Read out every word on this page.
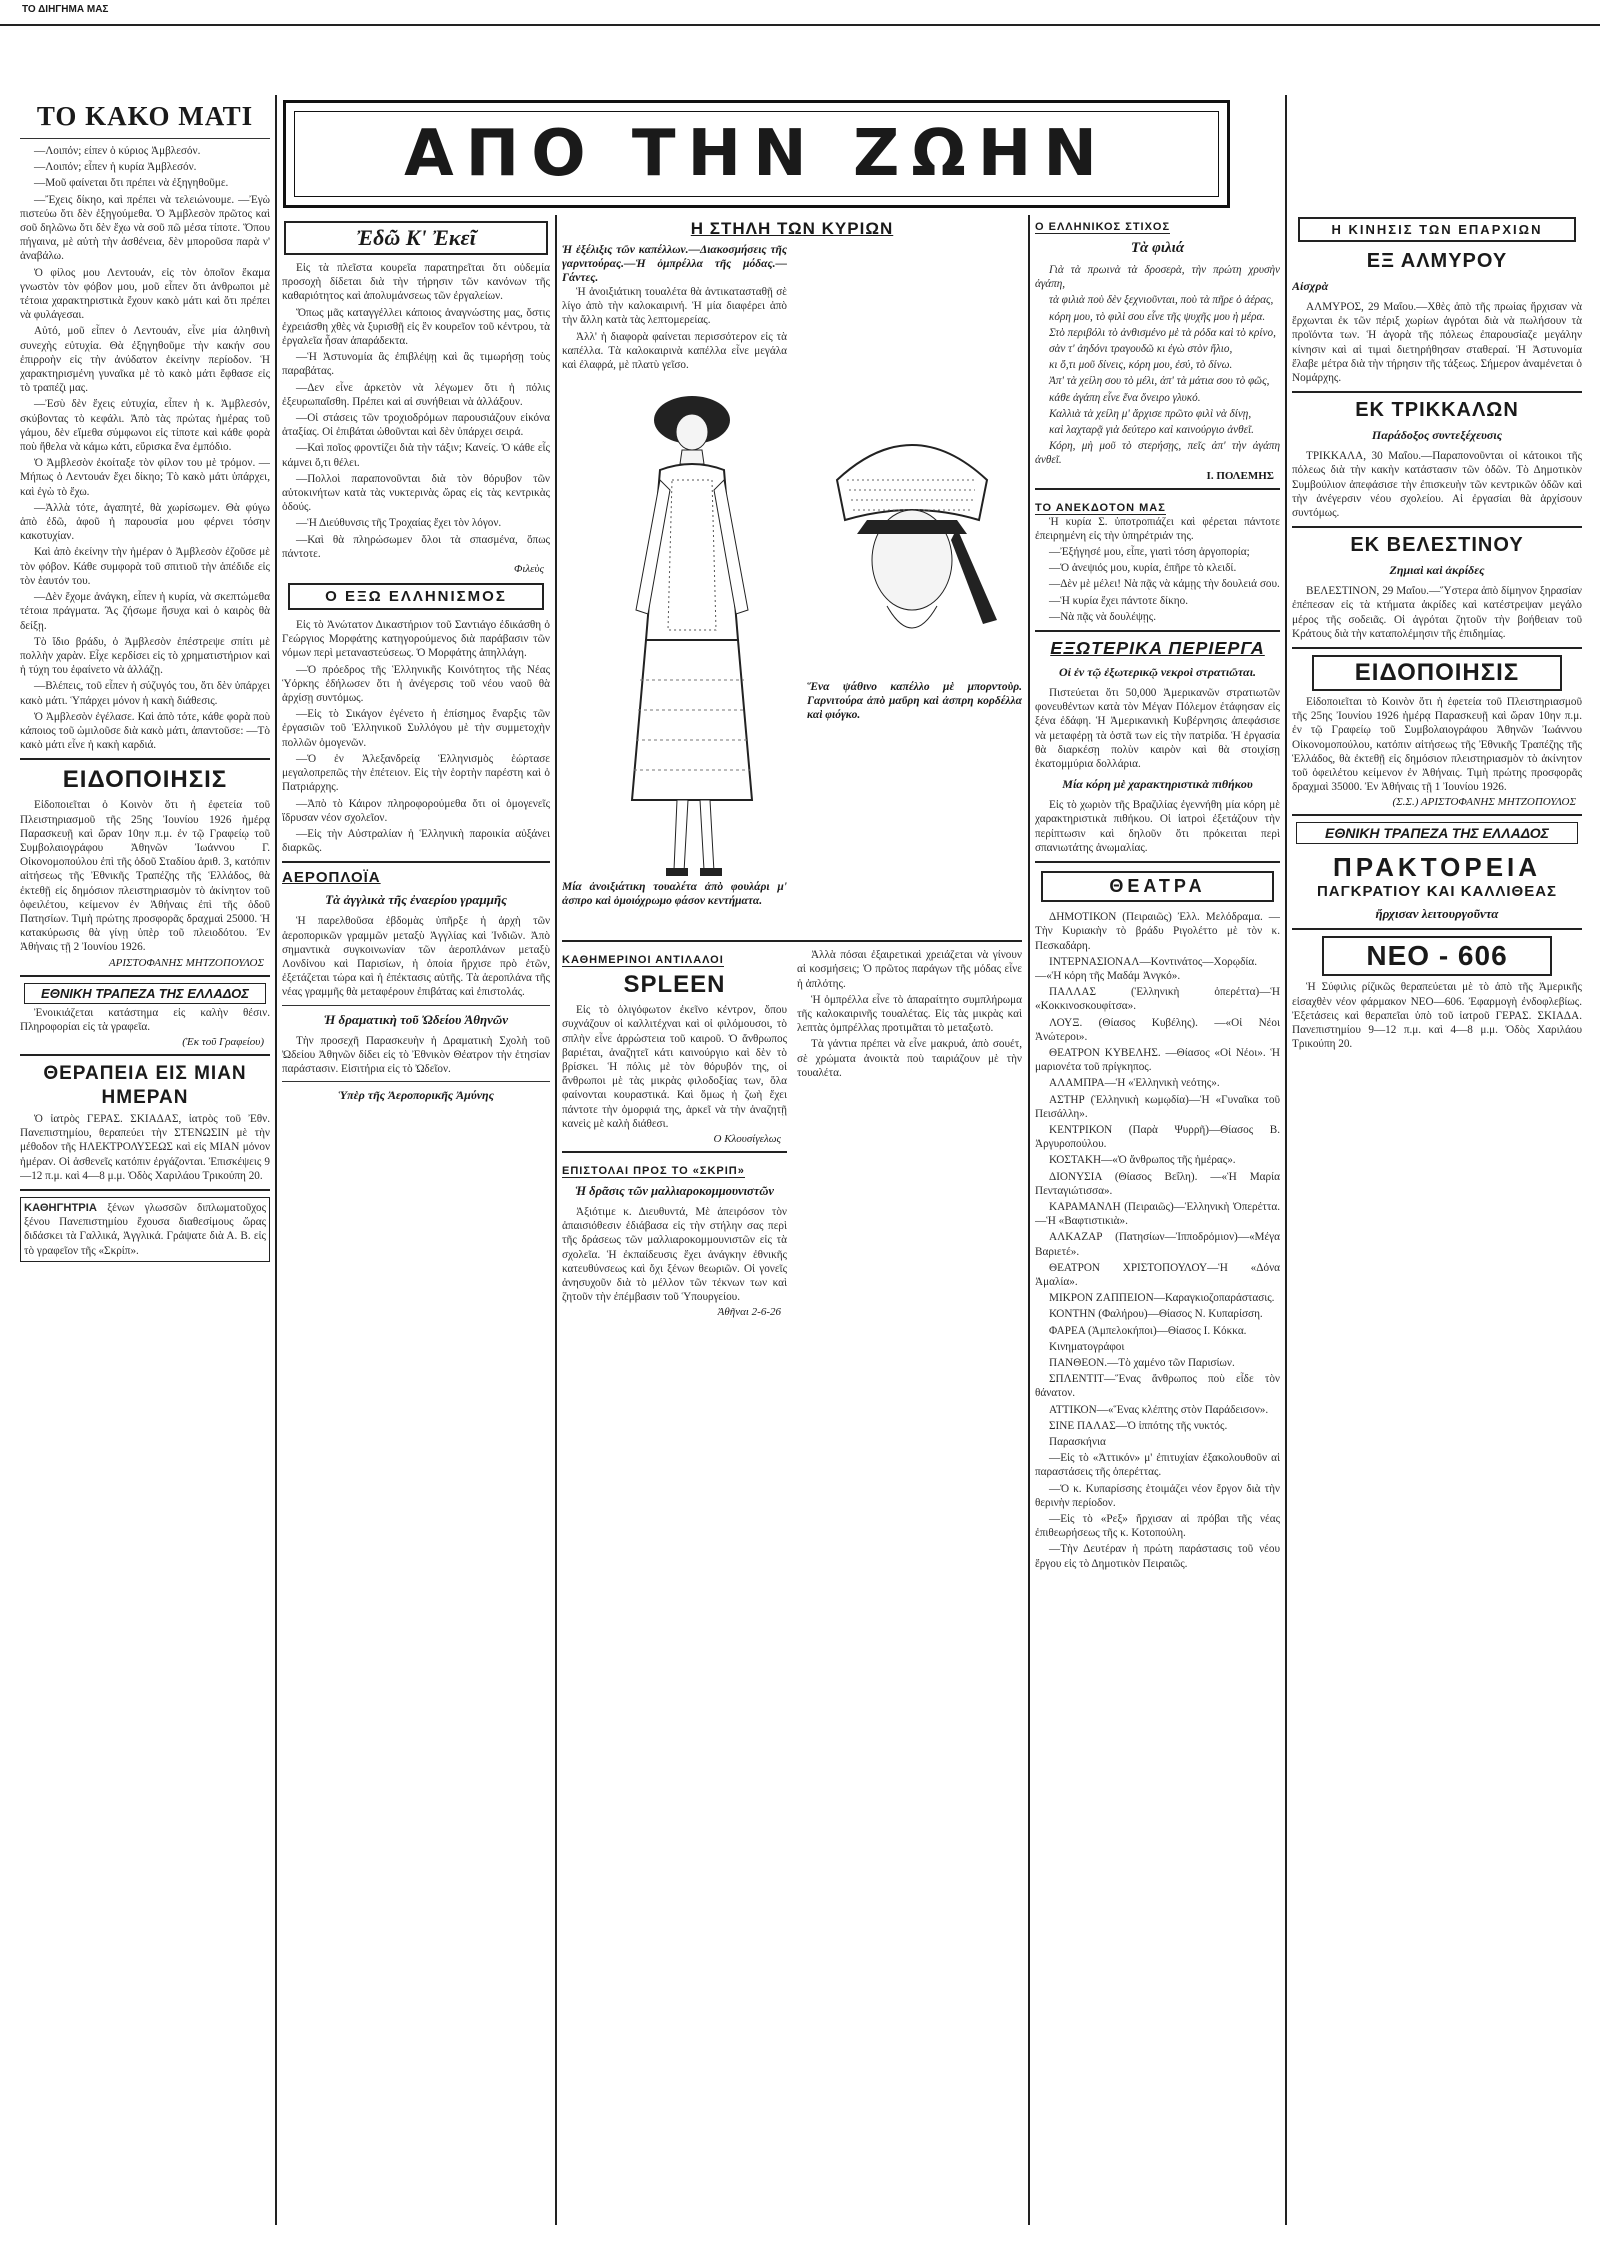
ΤΟ ΔΙΗΓΗΜΑ ΜΑΣ
ΑΠΟ ΤΗΝ ΖΩΗΝ
ΤΟ ΚΑΚΟ ΜΑΤΙ

—Λοιπόν; είπεν ὁ κύριος Ἀμβλεσόν.

—Λοιπόν; εἶπεν ἡ κυρία Ἀμβλεσόν.

—Μοῦ φαίνεται ὅτι πρέπει νὰ ἐξηγηθοῦμε.

—Ἔχεις δίκηο, καὶ πρέπει νὰ τελειώνουμε. —Ἐγὼ πιστεύω ὅτι δὲν ἐξηγούμεθα. Ὁ Ἀμβλεσὸν πρῶτος καὶ σοῦ δηλῶνω ὅτι δὲν ἔχω νὰ σοῦ πῶ μέσα τίποτε. Ὅπου πήγαινα, μὲ αὐτὴ τὴν ἀσθένεια, δὲν μποροῦσα παρὰ ν' ἀναβάλω.

Ὁ φίλος μου Λεντουάν, εἰς τὸν ὁποῖον ἔκαμα γνωστὸν τὸν φόβον μου, μοῦ εἶπεν ὅτι ἀνθρωποι μὲ τέτοια χαρακτηριστικὰ ἔχουν κακὸ μάτι καὶ ὅτι πρέπει νὰ φυλάγεσαι.

Αὐτό, μοῦ εἶπεν ὁ Λεντουάν, εἶνε μία ἀληθινὴ συνεχὴς εὐτυχία. Θὰ ἐξηγηθοῦμε τὴν κακήν σου ἐπιρροὴν εἰς τὴν ἀνύδατον ἐκείνην περίοδον. Ἡ χαρακτηρισμένη γυναῖκα μὲ τὸ κακὸ μάτι ἔφθασε εἰς τὸ τραπέζι μας.

—Ἐσὺ δὲν ἔχεις εὐτυχία, εἶπεν ἡ κ. Ἀμβλεσόν, σκύβοντας τὸ κεφάλι. Ἀπὸ τὰς πρώτας ἡμέρας τοῦ γάμου, δὲν εἴμεθα σύμφωνοι εἰς τίποτε καὶ κάθε φορὰ ποὺ ἤθελα νὰ κάμω κάτι, εὕρισκα ἕνα ἐμπόδιο.

Ὁ Ἀμβλεσὸν ἐκοίταξε τὸν φίλον του μὲ τρόμον. —Μήπως ὁ Λεντουάν ἔχει δίκηο; Τὸ κακὸ μάτι ὑπάρχει, καὶ ἐγὼ τὸ ἔχω.

—Ἀλλὰ τότε, ἀγαπητέ, θὰ χωρίσωμεν. Θὰ φύγω ἀπὸ ἐδῶ, ἀφοῦ ἡ παρουσία μου φέρνει τόσην κακοτυχίαν.

Καὶ ἀπὸ ἐκείνην τὴν ἡμέραν ὁ Ἀμβλεσὸν ἐζοῦσε μὲ τὸν φόβον. Κάθε συμφορὰ τοῦ σπιτιοῦ τὴν ἀπέδιδε εἰς τὸν ἑαυτόν του.

—Δὲν ἔχομε ἀνάγκη, εἶπεν ἡ κυρία, νὰ σκεπτώμεθα τέτοια πράγματα. Ἂς ζήσωμε ἥσυχα καὶ ὁ καιρὸς θὰ δείξῃ.

Τὸ ἴδιο βράδυ, ὁ Ἀμβλεσὸν ἐπέστρεψε σπίτι μὲ πολλὴν χαρὰν. Εἶχε κερδίσει εἰς τὸ χρηματιστήριον καὶ ἡ τύχη του ἐφαίνετο νὰ ἀλλάζῃ.

—Βλέπεις, τοῦ εἶπεν ἡ σύζυγός του, ὅτι δὲν ὑπάρχει κακὸ μάτι. Ὑπάρχει μόνον ἡ κακὴ διάθεσις.

Ὁ Ἀμβλεσὸν ἐγέλασε. Καὶ ἀπὸ τότε, κάθε φορὰ ποὺ κάποιος τοῦ ὡμιλοῦσε διὰ κακὸ μάτι, ἀπαντοῦσε: —Τὸ κακὸ μάτι εἶνε ἡ κακὴ καρδιά.

ΕΙΔΟΠΟΙΗΣΙΣ

Εἰδοποιεῖται ὁ Κοινὸν ὅτι ἡ ἐφετεία τοῦ Πλειστηριασμοῦ τῆς 25ης Ἰουνίου 1926 ἡμέρᾳ Παρασκευῇ καὶ ὥραν 10ην π.μ. ἐν τῷ Γραφείῳ τοῦ Συμβολαιογράφου Ἀθηνῶν Ἰωάννου Γ. Οἰκονομοπούλου ἐπὶ τῆς ὁδοῦ Σταδίου ἀριθ. 3, κατόπιν αἰτήσεως τῆς Ἐθνικῆς Τραπέζης τῆς Ἑλλάδος, θὰ ἐκτεθῇ εἰς δημόσιον πλειστηριασμὸν τὸ ἀκίνητον τοῦ ὀφειλέτου, κείμενον ἐν Ἀθήναις ἐπὶ τῆς ὁδοῦ Πατησίων. Τιμὴ πρώτης προσφορᾶς δραχμαὶ 25000. Ἡ κατακύρωσις θὰ γίνῃ ὑπὲρ τοῦ πλειοδότου. Ἐν Ἀθήναις τῇ 2 Ἰουνίου 1926.

ΑΡΙΣΤΟΦΑΝΗΣ ΜΗΤΖΟΠΟΥΛΟΣ
ΕΘΝΙΚΗ ΤΡΑΠΕΖΑ ΤΗΣ ΕΛΛΑΔΟΣ

Ἐνοικιάζεται κατάστημα εἰς καλὴν θέσιν. Πληροφορίαι εἰς τὰ γραφεῖα.

(Ἐκ τοῦ Γραφείου)
ΘΕΡΑΠΕΙΑ ΕΙΣ ΜΙΑΝ ΗΜΕΡΑΝ

Ὁ ἰατρὸς ΓΕΡΑΣ. ΣΚΙΑΔΑΣ, ἰατρὸς τοῦ Ἐθν. Πανεπιστημίου, θεραπεύει τὴν ΣΤΕΝΩΣΙΝ μὲ τὴν μέθοδον τῆς ΗΛΕΚΤΡΟΛΥΣΕΩΣ καὶ εἰς ΜΙΑΝ μόνον ἡμέραν. Οἱ ἀσθενεῖς κατόπιν ἐργάζονται. Ἐπισκέψεις 9—12 π.μ. καὶ 4—8 μ.μ. Ὁδὸς Χαριλάου Τρικούπη 20.

ΚΑΘΗΓΗΤΡΙΑ ξένων γλωσσῶν διπλωματοῦχος ξένου Πανεπιστημίου ἔχουσα διαθεσίμους ὥρας διδάσκει τὰ Γαλλικά, Ἀγγλικά. Γράψατε διὰ Α. Β. εἰς τὸ γραφεῖον τῆς «Σκρίπ».
Ἐδῶ Κ' Ἐκεῖ

Εἰς τὰ πλεῖστα κουρεῖα παρατηρεῖται ὅτι οὐδεμία προσοχὴ δίδεται διὰ τὴν τήρησιν τῶν κανόνων τῆς καθαριότητος καὶ ἀπολυμάνσεως τῶν ἐργαλείων.

Ὅπως μᾶς καταγγέλλει κάποιος ἀναγνώστης μας, ὅστις ἐχρειάσθη χθὲς νὰ ξυρισθῇ εἰς ἓν κουρεῖον τοῦ κέντρου, τὰ ἐργαλεῖα ἦσαν ἀπαράδεκτα.

—Ἡ Ἀστυνομία ἂς ἐπιβλέψῃ καὶ ἂς τιμωρήσῃ τοὺς παραβάτας.

—Δεν εἶνε ἀρκετὸν νὰ λέγωμεν ὅτι ἡ πόλις ἐξευρωπαΐσθη. Πρέπει καὶ αἱ συνήθειαι νὰ ἀλλάξουν.

—Οἱ στάσεις τῶν τροχιοδρόμων παρουσιάζουν εἰκόνα ἀταξίας. Οἱ ἐπιβάται ὠθοῦνται καὶ δὲν ὑπάρχει σειρά.

—Καὶ ποῖος φροντίζει διὰ τὴν τάξιν; Κανείς. Ὁ κάθε εἷς κάμνει ὅ,τι θέλει.

—Πολλοὶ παραπονοῦνται διὰ τὸν θόρυβον τῶν αὐτοκινήτων κατὰ τὰς νυκτερινὰς ὥρας εἰς τὰς κεντρικὰς ὁδούς.

—Ἡ Διεύθυνσις τῆς Τροχαίας ἔχει τὸν λόγον.

—Καὶ θὰ πληρώσωμεν ὅλοι τὰ σπασμένα, ὅπως πάντοτε.

Φιλεὺς
Ο ΕΞΩ ΕΛΛΗΝΙΣΜΟΣ

Εἰς τὸ Ἀνώτατον Δικαστήριον τοῦ Σαντιάγο ἐδικάσθη ὁ Γεώργιος Μορφάτης κατηγορούμενος διὰ παράβασιν τῶν νόμων περὶ μεταναστεύσεως. Ὁ Μορφάτης ἀπηλλάγη.

—Ὁ πρόεδρος τῆς Ἑλληνικῆς Κοινότητος τῆς Νέας Ὑόρκης ἐδήλωσεν ὅτι ἡ ἀνέγερσις τοῦ νέου ναοῦ θὰ ἀρχίσῃ συντόμως.

—Εἰς τὸ Σικάγον ἐγένετο ἡ ἐπίσημος ἔναρξις τῶν ἐργασιῶν τοῦ Ἑλληνικοῦ Συλλόγου μὲ τὴν συμμετοχὴν πολλῶν ὁμογενῶν.

—Ὁ ἐν Ἀλεξανδρείᾳ Ἑλληνισμὸς ἑώρτασε μεγαλοπρεπῶς τὴν ἐπέτειον. Εἰς τὴν ἑορτὴν παρέστη καὶ ὁ Πατριάρχης.

—Ἀπὸ τὸ Κάιρον πληροφορούμεθα ὅτι οἱ ὁμογενεῖς ἵδρυσαν νέον σχολεῖον.

—Εἰς τὴν Αὐστραλίαν ἡ Ἑλληνικὴ παροικία αὐξάνει διαρκῶς.

ΑΕΡΟΠΛΟΪΑ
Τὰ ἀγγλικὰ τῆς ἐναερίου γραμμῆς

Ἡ παρελθοῦσα ἑβδομὰς ὑπῆρξε ἡ ἀρχὴ τῶν ἀεροπορικῶν γραμμῶν μεταξὺ Ἀγγλίας καὶ Ἰνδιῶν. Ἀπὸ σημαντικὰ συγκοινωνίαν τῶν ἀεροπλάνων μεταξὺ Λονδίνου καὶ Παρισίων, ἡ ὁποία ἤρχισε πρὸ ἐτῶν, ἐξετάζεται τώρα καὶ ἡ ἐπέκτασις αὐτῆς. Τὰ ἀεροπλάνα τῆς νέας γραμμῆς θὰ μεταφέρουν ἐπιβάτας καὶ ἐπιστολάς.

Ἡ δραματικὴ τοῦ Ὠδείου Ἀθηνῶν

Τὴν προσεχῆ Παρασκευὴν ἡ Δραματικὴ Σχολὴ τοῦ Ὠδείου Ἀθηνῶν δίδει εἰς τὸ Ἐθνικὸν Θέατρον τὴν ἐτησίαν παράστασιν. Εἰσιτήρια εἰς τὸ Ὠδεῖον.

Ὑπὲρ τῆς Ἀεροπορικῆς Ἀμύνης
Η ΣΤΗΛΗ ΤΩΝ ΚΥΡΙΩΝ
Ἡ ἐξέλιξις τῶν καπέλλων.—Διακοσμήσεις τῆς γαρνιτούρας.—Ἡ ὀμπρέλλα τῆς μόδας.—Γάντες.

Ἡ ἀνοιξιάτικη τουαλέτα θὰ ἀντικατασταθῇ σὲ λίγο ἀπὸ τὴν καλοκαιρινή. Ἡ μία διαφέρει ἀπὸ τὴν ἄλλη κατὰ τὰς λεπτομερείας.

Ἀλλ' ἡ διαφορὰ φαίνεται περισσότερον εἰς τὰ καπέλλα. Τὰ καλοκαιρινὰ καπέλλα εἶνε μεγάλα καὶ ἐλαφρά, μὲ πλατὺ γεῖσο.

Ἕνα ψάθινο καπέλλο μὲ μπορντοὺρ. Γαρνιτούρα ἀπὸ μαῦρη καὶ ἀσπρη κορδέλλα καὶ φιόγκο.
Μία ἀνοιξιάτικη τουαλέτα ἀπὸ φουλάρι μ' ἀσπρο καὶ ὁμοιόχρωμο φάσον κεντήματα.
ΚΑΘΗΜΕΡΙΝΟΙ ΑΝΤΙΛΑΛΟΙ
SPLEEN

Εἰς τὸ ὀλιγόφωτον ἐκεῖνο κέντρον, ὅπου συχνάζουν οἱ καλλιτέχναι καὶ οἱ φιλόμουσοι, τὸ σπλὴν εἶνε ἀρρώστεια τοῦ καιροῦ. Ὁ ἄνθρωπος βαριέται, ἀναζητεῖ κάτι καινούργιο καὶ δὲν τὸ βρίσκει. Ἡ πόλις μὲ τὸν θόρυβόν της, οἱ ἄνθρωποι μὲ τὰς μικρὰς φιλοδοξίας των, ὅλα φαίνονται κουραστικά. Καὶ ὅμως ἡ ζωὴ ἔχει πάντοτε τὴν ὀμορφιά της, ἀρκεῖ νὰ τὴν ἀναζητῇ κανεὶς μὲ καλὴ διάθεσι.

Ο Κλουσίγελως
ΕΠΙΣΤΟΛΑΙ ΠΡΟΣ ΤΟ «ΣΚΡΙΠ»
Ἡ δρᾶσις τῶν μαλλιαροκομμουνιστῶν

Ἀξιότιμε κ. Διευθυντά, Μὲ ἀπειρόσον τὸν ἀπαισιόθεσιν ἐδιάβασα εἰς τὴν στήλην σας περὶ τῆς δράσεως τῶν μαλλιαροκομμουνιστῶν εἰς τὰ σχολεῖα. Ἡ ἐκπαίδευσις ἔχει ἀνάγκην ἐθνικῆς κατευθύνσεως καὶ ὄχι ξένων θεωριῶν. Οἱ γονεῖς ἀνησυχοῦν διὰ τὸ μέλλον τῶν τέκνων των καὶ ζητοῦν τὴν ἐπέμβασιν τοῦ Ὑπουργείου.

Ἀθῆναι 2-6-26

Ἀλλὰ πόσαι ἐξαιρετικαὶ χρειάζεται νὰ γίνουν αἱ κοσμήσεις; Ὁ πρῶτος παράγων τῆς μόδας εἶνε ἡ ἁπλότης.

Ἡ ὀμπρέλλα εἶνε τὸ ἀπαραίτητο συμπλήρωμα τῆς καλοκαιρινῆς τουαλέτας. Εἰς τὰς μικρὰς καὶ λεπτὰς ὀμπρέλλας προτιμᾶται τὸ μεταξωτὸ.

Τὰ γάντια πρέπει νὰ εἶνε μακρυά, ἀπὸ σουέτ, σὲ χρώματα ἀνοικτὰ ποὺ ταιριάζουν μὲ τὴν τουαλέτα.

Ο ΕΛΛΗΝΙΚΟΣ ΣΤΙΧΟΣ
Τὰ φιλιά

Γιὰ τὰ πρωινὰ τὰ δροσερὰ, τὴν πρώτη χρυσὴν ἀγάπη,

τὰ φιλιὰ ποὺ δὲν ξεχνιοῦνται, ποὺ τὰ πῆρε ὁ ἀέρας,

κόρη μου, τὸ φιλὶ σου εἶνε τῆς ψυχῆς μου ἡ μέρα.

Στὸ περιβόλι τὸ ἀνθισμένο μὲ τὰ ρόδα καὶ τὸ κρίνο,

σὰν τ' ἀηδόνι τραγουδῶ κι ἐγὼ στὸν ἥλιο,

κι ὅ,τι μοῦ δίνεις, κόρη μου, ἐσύ, τὸ δίνω.

Ἀπ' τὰ χείλη σου τὸ μέλι, ἀπ' τὰ μάτια σου τὸ φῶς,

κάθε ἀγάπη εἶνε ἕνα ὄνειρο γλυκό.

Καλλιὰ τὰ χείλη μ' ἄρχισε πρῶτο φιλὶ νὰ δίνῃ,

καὶ λαχταρᾷ γιὰ δεύτερο καὶ καινούργιο ἀνθεῖ.

Κόρη, μὴ μοῦ τὸ στερήσῃς, πεῖς ἀπ' τὴν ἀγάπη ἀνθεῖ.

Ι. ΠΟΛΕΜΗΣ
ΤΟ ΑΝΕΚΔΟΤΟΝ ΜΑΣ

Ἡ κυρία Σ. ὑποτροπιάζει καὶ φέρεται πάντοτε ἐπειρημένη εἰς τὴν ὑπηρέτριάν της.

—Ἐξήγησέ μου, εἶπε, γιατὶ τόση ἀργοπορία;

—Ὁ ἀνεψιός μου, κυρία, ἐπῆρε τὸ κλειδί.

—Δὲν μὲ μέλει! Νὰ πᾷς νὰ κάμῃς τὴν δουλειά σου.

—Ἡ κυρία ἔχει πάντοτε δίκηο.

—Νὰ πᾷς νὰ δουλέψῃς.

ΕΞΩΤΕΡΙΚΑ ΠΕΡΙΕΡΓΑ
Οἱ ἐν τῷ ἐξωτερικῷ νεκροὶ στρατιῶται.

Πιστεύεται ὅτι 50,000 Ἀμερικανῶν στρατιωτῶν φονευθέντων κατὰ τὸν Μέγαν Πόλεμον ἐτάφησαν εἰς ξένα ἐδάφη. Ἡ Ἀμερικανικὴ Κυβέρνησις ἀπεφάσισε νὰ μεταφέρῃ τὰ ὀστᾶ των εἰς τὴν πατρίδα. Ἡ ἐργασία θὰ διαρκέσῃ πολὺν καιρὸν καὶ θὰ στοιχίσῃ ἑκατομμύρια δολλάρια.

Μία κόρη μὲ χαρακτηριστικὰ πιθήκου

Εἰς τὸ χωριὸν τῆς Βραζιλίας ἐγεννήθη μία κόρη μὲ χαρακτηριστικὰ πιθήκου. Οἱ ἰατροὶ ἐξετάζουν τὴν περίπτωσιν καὶ δηλοῦν ὅτι πρόκειται περὶ σπανιωτάτης ἀνωμαλίας.

ΘΕΑΤΡΑ

ΔΗΜΟΤΙΚΟΝ (Πειραιῶς) Ἐλλ. Μελόδραμα. —Τὴν Κυριακὴν τὸ βράδυ Ριγολέττο μὲ τὸν κ. Πεσκαδάρη.

ΙΝΤΕΡΝΑΣΙΟΝΑΛ—Κοντινάτος—Χορῳδία. —«Ἡ κόρη τῆς Μαδάμ Ἀνγκό».

ΠΑΛΛΑΣ (Ἑλληνικὴ ὀπερέττα)—Ἡ «Κοκκινοσκουφίτσα».

ΛΟΥΞ. (Θίασος Κυβέλης). —«Οἱ Νέοι Ἀνώτεροι».

ΘΕΑΤΡΟΝ ΚΥΒΕΛΗΣ. —Θίασος «Οἱ Νέοι». Ἡ μαριονέτα τοῦ πρίγκηπος.

ΑΛΑΜΠΡΑ—Ἡ «Ἑλληνικὴ νεότης».

ΑΣΤΗΡ (Ἑλληνικὴ κωμῳδία)—Ἡ «Γυναῖκα τοῦ Πεισάλλη».

ΚΕΝΤΡΙΚΟΝ (Παρὰ Ψυρρῆ)—Θίασος Β. Ἀργυροπούλου.

ΚΟΣΤΑΚΗ—«Ὁ ἄνθρωπος τῆς ἡμέρας».

ΔΙΟΝΥΣΙΑ (Θίασος Βεΐλη). —«Ἡ Μαρία Πενταγιώτισσα».

ΚΑΡΑΜΑΝΛΗ (Πειραιῶς)—Ἑλληνικὴ Ὀπερέττα. —Ἡ «Βαφτιστικιὰ».

ΑΛΚΑΖΑΡ (Πατησίων—Ἰπποδρόμιον)—«Μέγα Βαριετέ».

ΘΕΑΤΡΟΝ ΧΡΙΣΤΟΠΟΥΛΟΥ—Ἡ «Δόνα Ἀμαλία».

ΜΙΚΡΟΝ ΖΑΠΠΕΙΟΝ—Καραγκιοζοπαράστασις.

ΚΟΝΤΗΝ (Φαλήρου)—Θίασος Ν. Κυπαρίσση.

ΦΑΡΕΑ (Ἀμπελοκήποι)—Θίασος Ι. Κόκκα.

Κινηματογράφοι

ΠΑΝΘΕΟΝ.—Τὸ χαμένο τῶν Παρισίων.

ΣΠΛΕΝΤΙΤ—Ἕνας ἄνθρωπος ποὺ εἶδε τὸν θάνατον.

ΑΤΤΙΚΟΝ—«Ἕνας κλέπτης στὸν Παράδεισον».

ΣΙΝΕ ΠΑΛΑΣ—Ὁ ἱππότης τῆς νυκτός.

Παρασκήνια

—Εἰς τὸ «Ἀττικόν» μ' ἐπιτυχίαν ἐξακολουθοῦν αἱ παραστάσεις τῆς ὀπερέττας.

—Ὁ κ. Κυπαρίσσης ἑτοιμάζει νέον ἔργον διὰ τὴν θερινὴν περίοδον.

—Εἰς τὸ «Ρεξ» ἤρχισαν αἱ πρόβαι τῆς νέας ἐπιθεωρήσεως τῆς κ. Κοτοπούλη.

—Τὴν Δευτέραν ἡ πρώτη παράστασις τοῦ νέου ἔργου εἰς τὸ Δημοτικὸν Πειραιῶς.

Η ΚΙΝΗΣΙΣ ΤΩΝ ΕΠΑΡΧΙΩΝ
ΕΞ ΑΛΜΥΡΟΥ
Αἰσχρὰ

ΑΛΜΥΡΟΣ, 29 Μαΐου.—Χθὲς ἀπὸ τῆς πρωίας ἤρχισαν νὰ ἔρχωνται ἐκ τῶν πέριξ χωρίων ἀγρόται διὰ νὰ πωλήσουν τὰ προϊόντα των. Ἡ ἀγορὰ τῆς πόλεως ἐπαρουσίαζε μεγάλην κίνησιν καὶ αἱ τιμαὶ διετηρήθησαν σταθεραί. Ἡ Ἀστυνομία ἔλαβε μέτρα διὰ τὴν τήρησιν τῆς τάξεως. Σήμερον ἀναμένεται ὁ Νομάρχης.

ΕΚ ΤΡΙΚΚΑΛΩΝ
Παράδοξος συντεξέχευσις

ΤΡΙΚΚΑΛΑ, 30 Μαΐου.—Παραπονοῦνται οἱ κάτοικοι τῆς πόλεως διὰ τὴν κακὴν κατάστασιν τῶν ὁδῶν. Τὸ Δημοτικὸν Συμβούλιον ἀπεφάσισε τὴν ἐπισκευὴν τῶν κεντρικῶν ὁδῶν καὶ τὴν ἀνέγερσιν νέου σχολείου. Αἱ ἐργασίαι θὰ ἀρχίσουν συντόμως.

ΕΚ ΒΕΛΕΣΤΙΝΟΥ
Ζημιαὶ καὶ ἀκρίδες

ΒΕΛΕΣΤΙΝΟΝ, 29 Μαΐου.—Ὕστερα ἀπὸ δίμηνον ξηρασίαν ἐπέπεσαν εἰς τὰ κτήματα ἀκρίδες καὶ κατέστρεψαν μεγάλο μέρος τῆς σοδειᾶς. Οἱ ἀγρόται ζητοῦν τὴν βοήθειαν τοῦ Κράτους διὰ τὴν καταπολέμησιν τῆς ἐπιδημίας.

ΕΙΔΟΠΟΙΗΣΙΣ

Εἰδοποιεῖται τὸ Κοινὸν ὅτι ἡ ἐφετεία τοῦ Πλειστηριασμοῦ τῆς 25ης Ἰουνίου 1926 ἡμέρᾳ Παρασκευῇ καὶ ὥραν 10ην π.μ. ἐν τῷ Γραφείῳ τοῦ Συμβολαιογράφου Ἀθηνῶν Ἰωάννου Οἰκονομοπούλου, κατόπιν αἰτήσεως τῆς Ἐθνικῆς Τραπέζης τῆς Ἑλλάδος, θὰ ἐκτεθῇ εἰς δημόσιον πλειστηριασμὸν τὸ ἀκίνητον τοῦ ὀφειλέτου κείμενον ἐν Ἀθήναις. Τιμὴ πρώτης προσφορᾶς δραχμαὶ 35000. Ἐν Ἀθήναις τῇ 1 Ἰουνίου 1926.

(Σ.Σ.) ΑΡΙΣΤΟΦΑΝΗΣ ΜΗΤΖΟΠΟΥΛΟΣ
ΕΘΝΙΚΗ ΤΡΑΠΕΖΑ ΤΗΣ ΕΛΛΑΔΟΣ
ΠΡΑΚΤΟΡΕΙΑ
ΠΑΓΚΡΑΤΙΟΥ ΚΑΙ ΚΑΛΛΙΘΕΑΣ
ἤρχισαν λειτουργοῦντα
ΝΕΟ - 606

Ἡ Σύφιλις ρίζικῶς θεραπεύεται μὲ τὸ ἀπὸ τῆς Ἀμερικῆς εἰσαχθὲν νέον φάρμακον ΝΕΟ—606. Ἐφαρμογὴ ἐνδοφλεβίως. Ἐξετάσεις καὶ θεραπεῖαι ὑπὸ τοῦ ἰατροῦ ΓΕΡΑΣ. ΣΚΙΑΔΑ. Πανεπιστημίου 9—12 π.μ. καὶ 4—8 μ.μ. Ὁδὸς Χαριλάου Τρικούπη 20.
